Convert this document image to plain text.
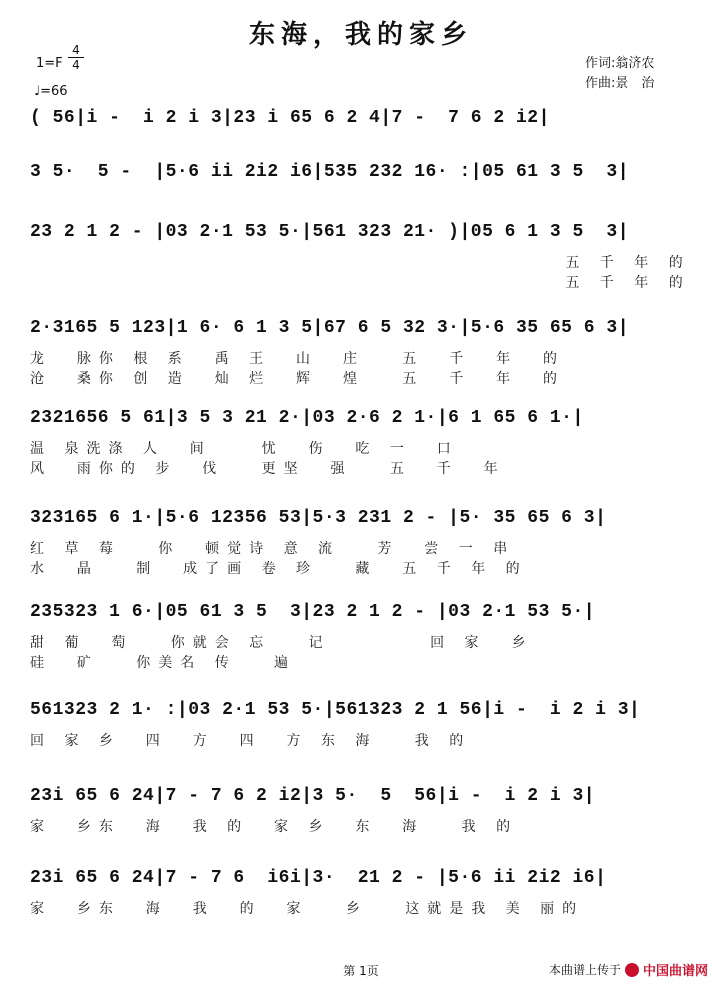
东海，我的家乡
1=F
4
4
♩=66
作词:翁济农
作曲:景　治
( 56|i -  i 2 i 3|23 i 65 6 2 4|7 -  7 6 2 i2|
3 5·  5 -  |5·6 ii 2i2 i6|535 232 16· :|05 61 3 5  3|
23 2 1 2 - |03 2·1 53 5·|561 323 21· )|05 6 1 3 5  3|
五 千 年 的
五 千 年 的
2·3165 5 123|1 6· 6 1 3 5|67 6 5 32 3·|5·6 35 65 6 3|
龙  脉你 根 系  禹 王  山  庄   五  千  年  的
沧  桑你 创 造  灿 烂  辉  煌   五  千  年  的
2321656 5 61|3 5 3 21 2·|03 2·6 2 1·|6 1 65 6 1·|
温 泉洗涤 人  间    忧  伤  吃 一  口
风  雨你的 步  伐   更坚  强   五  千  年
323165 6 1·|5·6 12356 53|5·3 231 2 - |5· 35 65 6 3|
红 草 莓   你  顿觉诗 意 流   芳  尝 一 串
水  晶   制  成了画 卷 珍   藏  五 千 年 的
235323 1 6·|05 61 3 5  3|23 2 1 2 - |03 2·1 53 5·|
甜 葡  萄   你就会 忘   记        回 家  乡
硅  矿   你美名 传   遍
561323 2 1· :|03 2·1 53 5·|561323 2 1 56|i -  i 2 i 3|
回 家 乡  四  方  四  方 东 海   我 的
23i 65 6 24|7 - 7 6 2 i2|3 5·  5  56|i -  i 2 i 3|
家  乡东  海  我 的  家 乡  东  海   我 的
23i 65 6 24|7 - 7 6  i6i|3·  21 2 - |5·6 ii 2i2 i6|
家  乡东  海  我  的  家   乡   这就是我 美 丽的
第 1页	本曲谱上传于 中国曲谱网
